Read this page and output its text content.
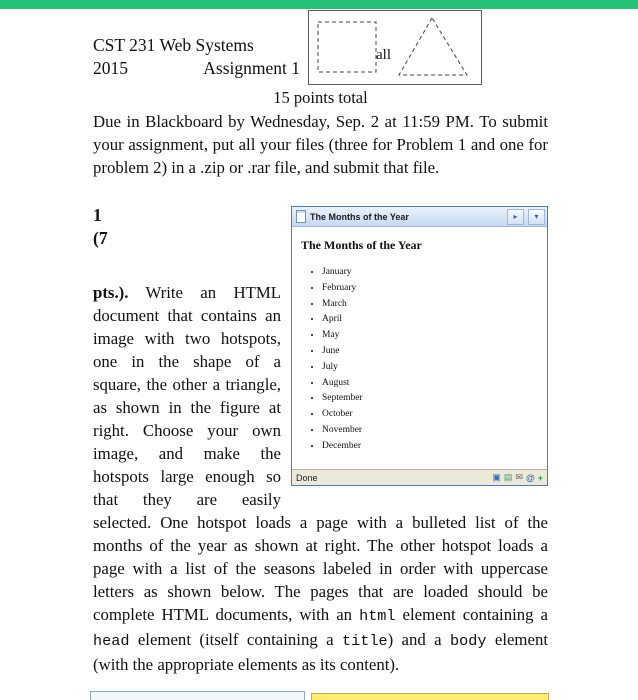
CST 231 Web Systems
2015	Assignment 1
all
15 points total

Due in Blackboard by Wednesday, Sep. 2 at 11:59 PM. To submit your assignment, put all your files (three for Problem 1 and one for problem 2) in a .zip or .rar file, and submit that file.

The Months of the Year	▸	▾
The Months of the Year
• January
• February
• March
• April
• May
• June
• July
• August
• September
• October
• November
• December
Done	▣ ▤ ✉ @ +
1
(7

pts.). Write an HTML document that contains an image with two hotspots, one in the shape of a square, the other a triangle, as shown in the figure at right. Choose your own image, and make the hotspots large enough so that they are easily selected. One hotspot loads a page with a bulleted list of the months of the year as shown at right. The other hotspot loads a page with a list of the seasons labeled in order with uppercase letters as shown below. The pages that are loaded should be complete HTML documents, with an html element containing a head element (itself containing a title) and a body element (with the appropriate elements as its content).
